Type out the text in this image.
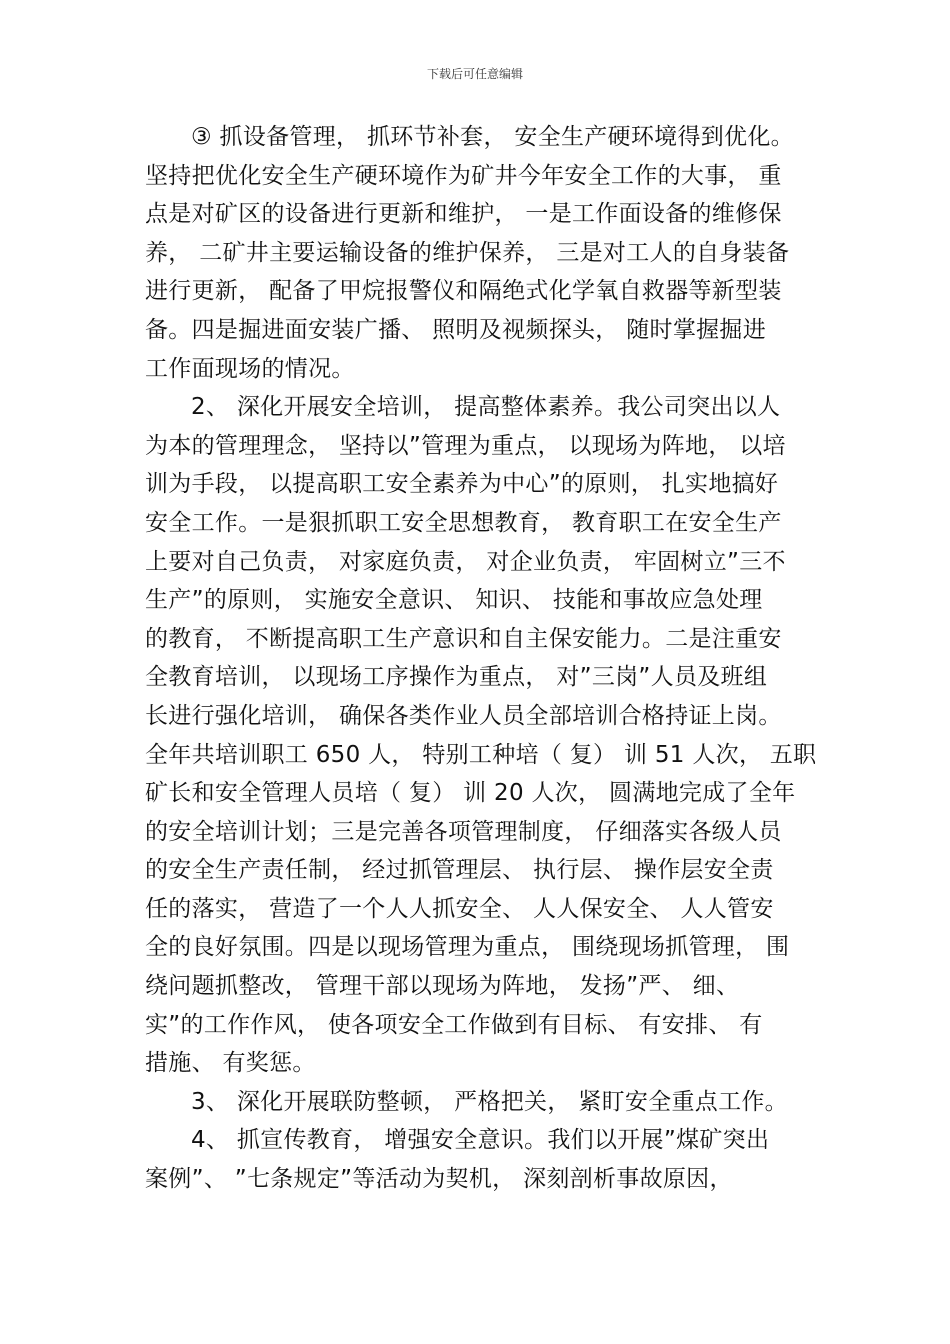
下载后可任意编辑
③ 抓设备管理， 抓环节补套， 安全生产硬环境得到优化。
坚持把优化安全生产硬环境作为矿井今年安全工作的大事， 重
点是对矿区的设备进行更新和维护， 一是工作面设备的维修保
养， 二矿井主要运输设备的维护保养， 三是对工人的自身装备
进行更新， 配备了甲烷报警仪和隔绝式化学氧自救器等新型装
备。四是掘进面安装广播、 照明及视频探头， 随时掌握掘进
工作面现场的情况。
2、 深化开展安全培训， 提高整体素养。我公司突出以人
为本的管理理念， 坚持以”管理为重点， 以现场为阵地， 以培
训为手段， 以提高职工安全素养为中心”的原则， 扎实地搞好
安全工作。一是狠抓职工安全思想教育， 教育职工在安全生产
上要对自己负责， 对家庭负责， 对企业负责， 牢固树立”三不
生产”的原则， 实施安全意识、 知识、 技能和事故应急处理
的教育， 不断提高职工生产意识和自主保安能力。二是注重安
全教育培训， 以现场工序操作为重点， 对”三岗”人员及班组
长进行强化培训， 确保各类作业人员全部培训合格持证上岗。
全年共培训职工 650 人， 特别工种培（ 复） 训 51 人次， 五职
矿长和安全管理人员培（ 复） 训 20 人次， 圆满地完成了全年
的安全培训计划；三是完善各项管理制度， 仔细落实各级人员
的安全生产责任制， 经过抓管理层、 执行层、 操作层安全责
任的落实， 营造了一个人人抓安全、 人人保安全、 人人管安
全的良好氛围。四是以现场管理为重点， 围绕现场抓管理， 围
绕问题抓整改， 管理干部以现场为阵地， 发扬”严、 细、
实”的工作作风， 使各项安全工作做到有目标、 有安排、 有
措施、 有奖惩。
3、 深化开展联防整顿， 严格把关， 紧盯安全重点工作。
4、 抓宣传教育， 增强安全意识。我们以开展”煤矿突出
案例”、 ”七条规定”等活动为契机， 深刻剖析事故原因，
